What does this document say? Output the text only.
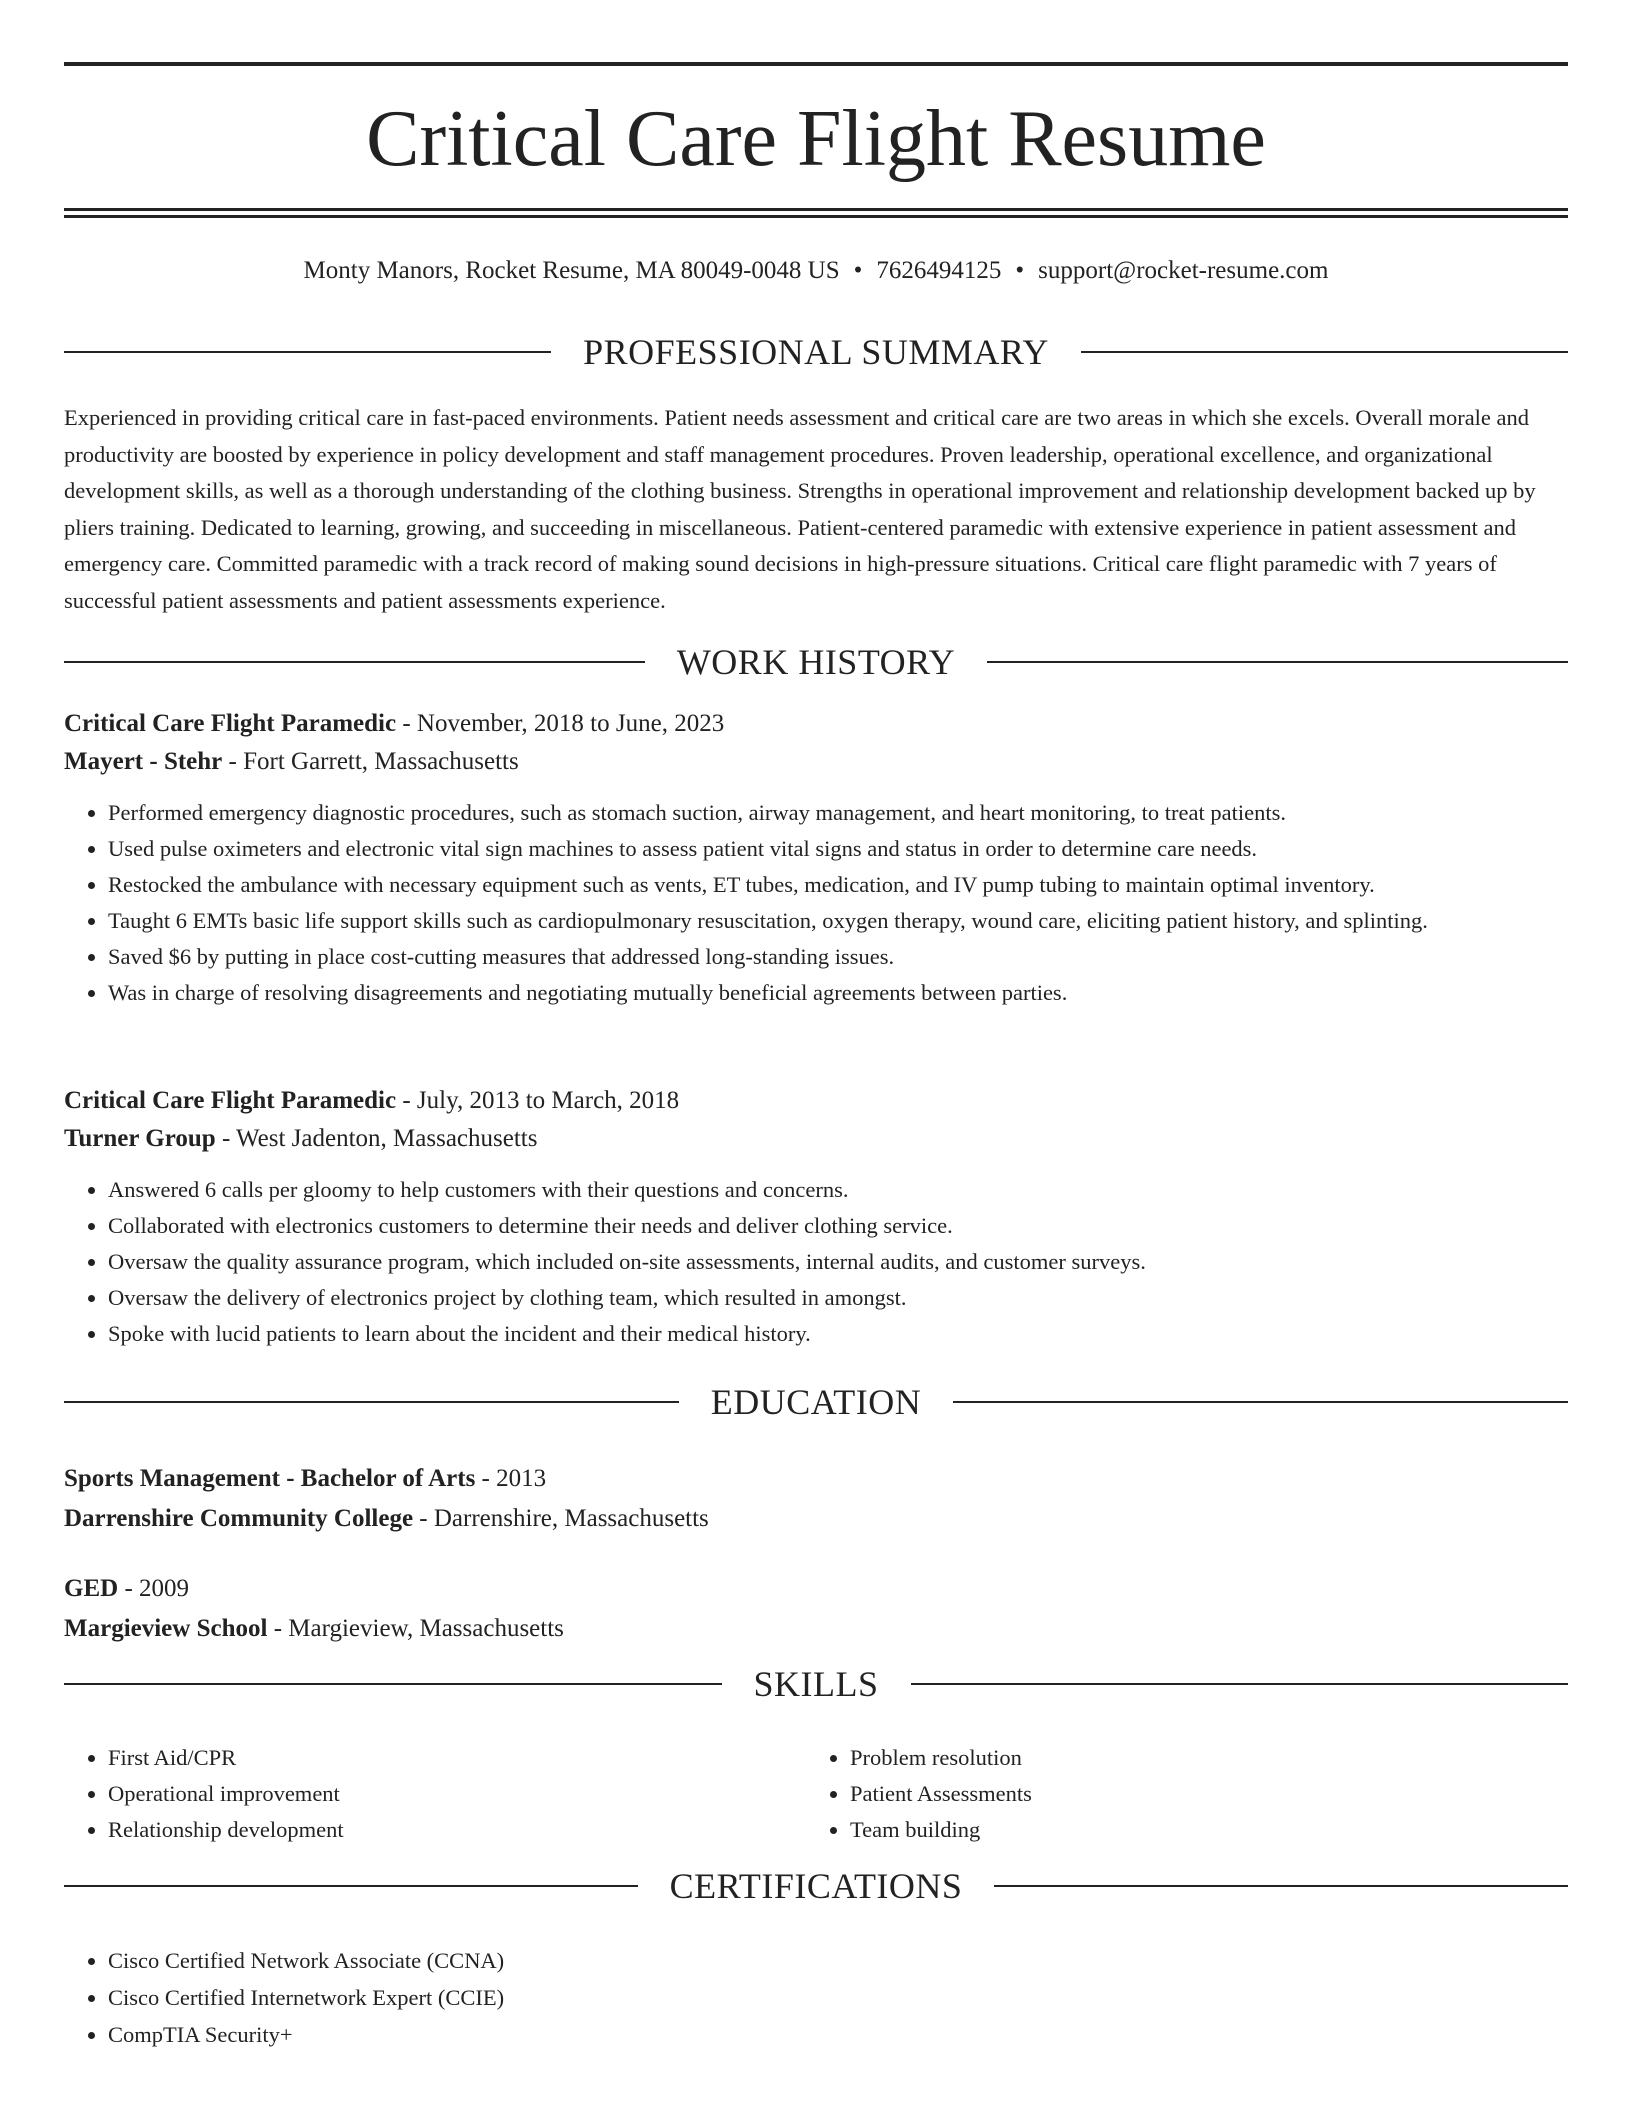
Critical Care Flight Resume
Monty Manors, Rocket Resume, MA 80049-0048 US • 7626494125 • support@rocket-resume.com
PROFESSIONAL SUMMARY

Experienced in providing critical care in fast-paced environments. Patient needs assessment and critical care are two areas in which she excels. Overall morale and productivity are boosted by experience in policy development and staff management procedures. Proven leadership, operational excellence, and organizational development skills, as well as a thorough understanding of the clothing business. Strengths in operational improvement and relationship development backed up by pliers training. Dedicated to learning, growing, and succeeding in miscellaneous. Patient-centered paramedic with extensive experience in patient assessment and emergency care. Committed paramedic with a track record of making sound decisions in high-pressure situations. Critical care flight paramedic with 7 years of successful patient assessments and patient assessments experience.

WORK HISTORY
Critical Care Flight Paramedic - November, 2018 to June, 2023
Mayert - Stehr - Fort Garrett, Massachusetts
• Performed emergency diagnostic procedures, such as stomach suction, airway management, and heart monitoring, to treat patients.
• Used pulse oximeters and electronic vital sign machines to assess patient vital signs and status in order to determine care needs.
• Restocked the ambulance with necessary equipment such as vents, ET tubes, medication, and IV pump tubing to maintain optimal inventory.
• Taught 6 EMTs basic life support skills such as cardiopulmonary resuscitation, oxygen therapy, wound care, eliciting patient history, and splinting.
• Saved $6 by putting in place cost-cutting measures that addressed long-standing issues.
• Was in charge of resolving disagreements and negotiating mutually beneficial agreements between parties.
Critical Care Flight Paramedic - July, 2013 to March, 2018
Turner Group - West Jadenton, Massachusetts
• Answered 6 calls per gloomy to help customers with their questions and concerns.
• Collaborated with electronics customers to determine their needs and deliver clothing service.
• Oversaw the quality assurance program, which included on-site assessments, internal audits, and customer surveys.
• Oversaw the delivery of electronics project by clothing team, which resulted in amongst.
• Spoke with lucid patients to learn about the incident and their medical history.
EDUCATION
Sports Management - Bachelor of Arts - 2013
Darrenshire Community College - Darrenshire, Massachusetts
GED - 2009
Margieview School - Margieview, Massachusetts
SKILLS
• First Aid/CPR
• Operational improvement
• Relationship development
• Problem resolution
• Patient Assessments
• Team building
CERTIFICATIONS
• Cisco Certified Network Associate (CCNA)
• Cisco Certified Internetwork Expert (CCIE)
• CompTIA Security+
